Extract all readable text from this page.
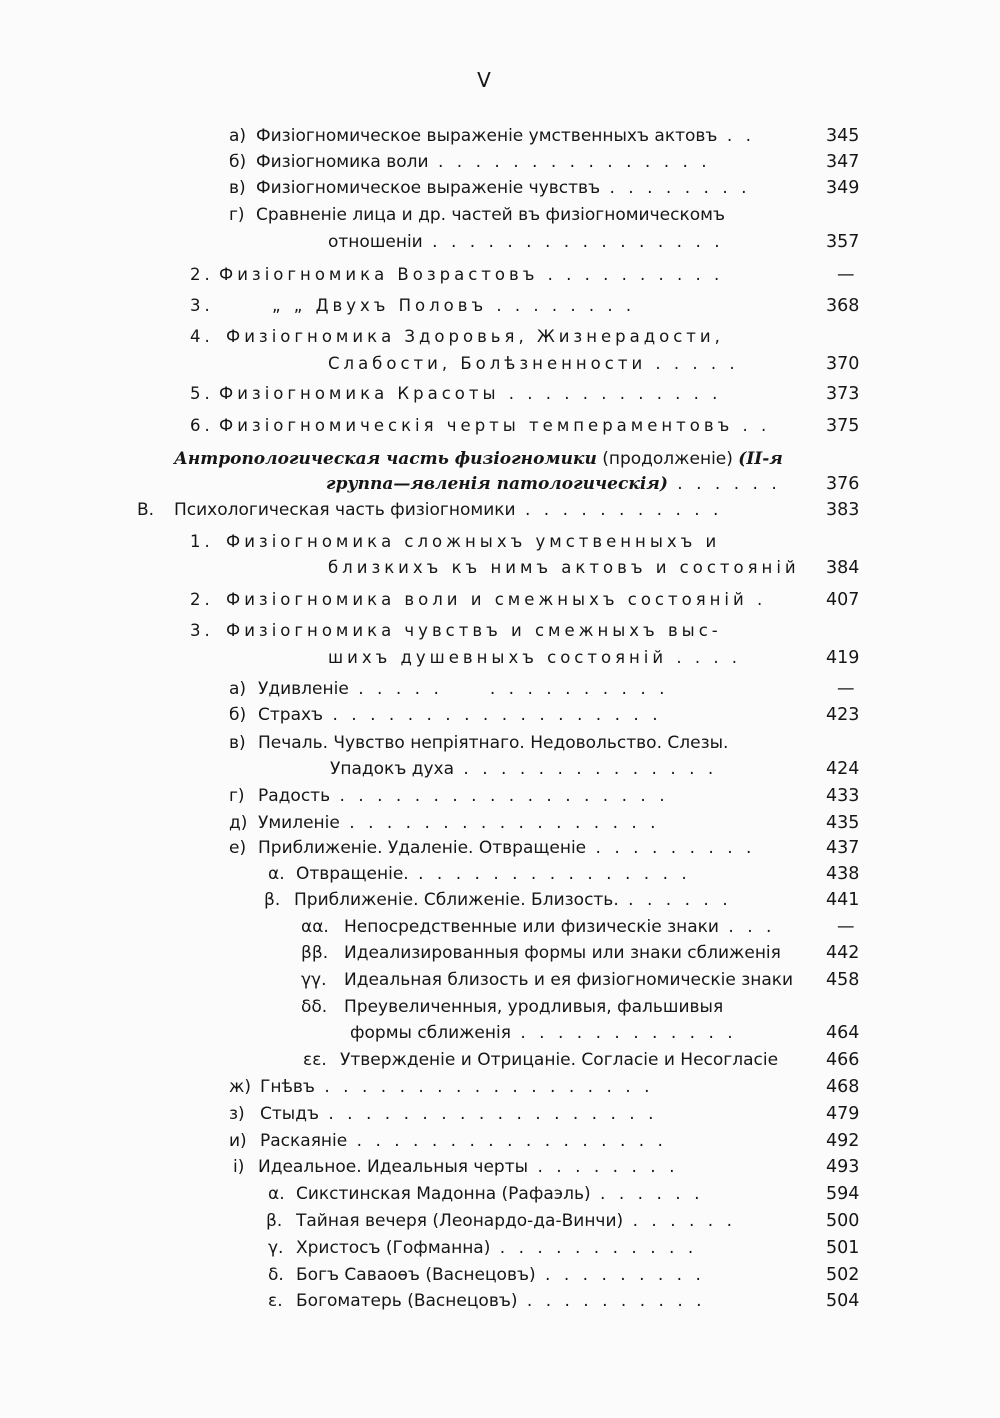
V
а) Физiогномическое выраженiе умственныхъ актовъ . .	345
б) Физiогномика воли . . . . . . . . . . . . . . .	347
в) Физiогномическое выраженiе чувствъ . . . . . . . .	349
г) Сравненiе лица и др. частей въ физiогномическомъ
отношенiи . . . . . . . . . . . . . . . .	357
2. Физiогномика Возрастовъ . . . . . . . . . .	—
3.	„ „ Двухъ Половъ . . . . . . . .	368
4. Физiогномика Здоровья, Жизнерадости,
Слабости, Болѣзненности . . . . .	370
5. Физiогномика Красоты . . . . . . . . . . . .	373
6. Физiогномическiя черты темпераментовъ . .	375
Антропологическая часть физiогномики (продолженiе) (II-я
группа—явленiя патологическiя) . . . . . .	376
В. Психологическая часть физiогномики . . . . . . . . . . .	383
1. Физiогномика сложныхъ умственныхъ и
близкихъ къ нимъ актовъ и состоянiй 384
2. Физiогномика воли и смежныхъ состоянiй .	407
3. Физiогномика чувствъ и смежныхъ выс-
шихъ душевныхъ состоянiй . . . .	419
а) Удивленiе . . . . .     . . . . . . . . . .	—
б) Страхъ . . . . . . . . . . . . . . . . . .	423
в) Печаль. Чувство непрiятнаго. Недовольство. Слезы.
Упадокъ духа . . . . . . . . . . . . . .	424
г) Радость . . . . . . . . . . . . . . . . . .	433
д) Умиленiе . . . . . . . . . . . . . . . . .	435
е) Приближенiе. Удаленiе. Отвращенiе . . . . . . . . .	437
α. Отвращенiе. . . . . . . . . . . . . . . .	438
β. Приближенiе. Сближенiе. Близость. . . . . . .	441
αα. Непосредственные или физическiе знаки . . .	—
ββ. Идеализированныя формы или знаки сближенiя	442
γγ. Идеальная близость и ея физiогномическiе знаки 458
δδ. Преувеличенныя, уродливыя, фальшивыя
формы сближенiя . . . . . . . . . . . .	464
εε. Утвержденiе и Отрицанiе. Согласiе и Несогласiе	466
ж) Гнѣвъ . . . . . . . . . . . . . . . . . .	468
з) Стыдъ . . . . . . . . . . . . . . . . . .	479
и) Раскаянiе . . . . . . . . . . . . . . . . .	492
i) Идеальное. Идеальныя черты . . . . . . . .	493
α. Сикстинская Мадонна (Рафаэль) . . . . . .	594
β. Тайная вечеря (Леонардо-да-Винчи) . . . . . .	500
γ. Христосъ (Гофманна) . . . . . . . . . . .	501
δ. Богъ Саваоѳъ (Васнецовъ) . . . . . . . . .	502
ε. Богоматерь (Васнецовъ) . . . . . . . . . .	504
